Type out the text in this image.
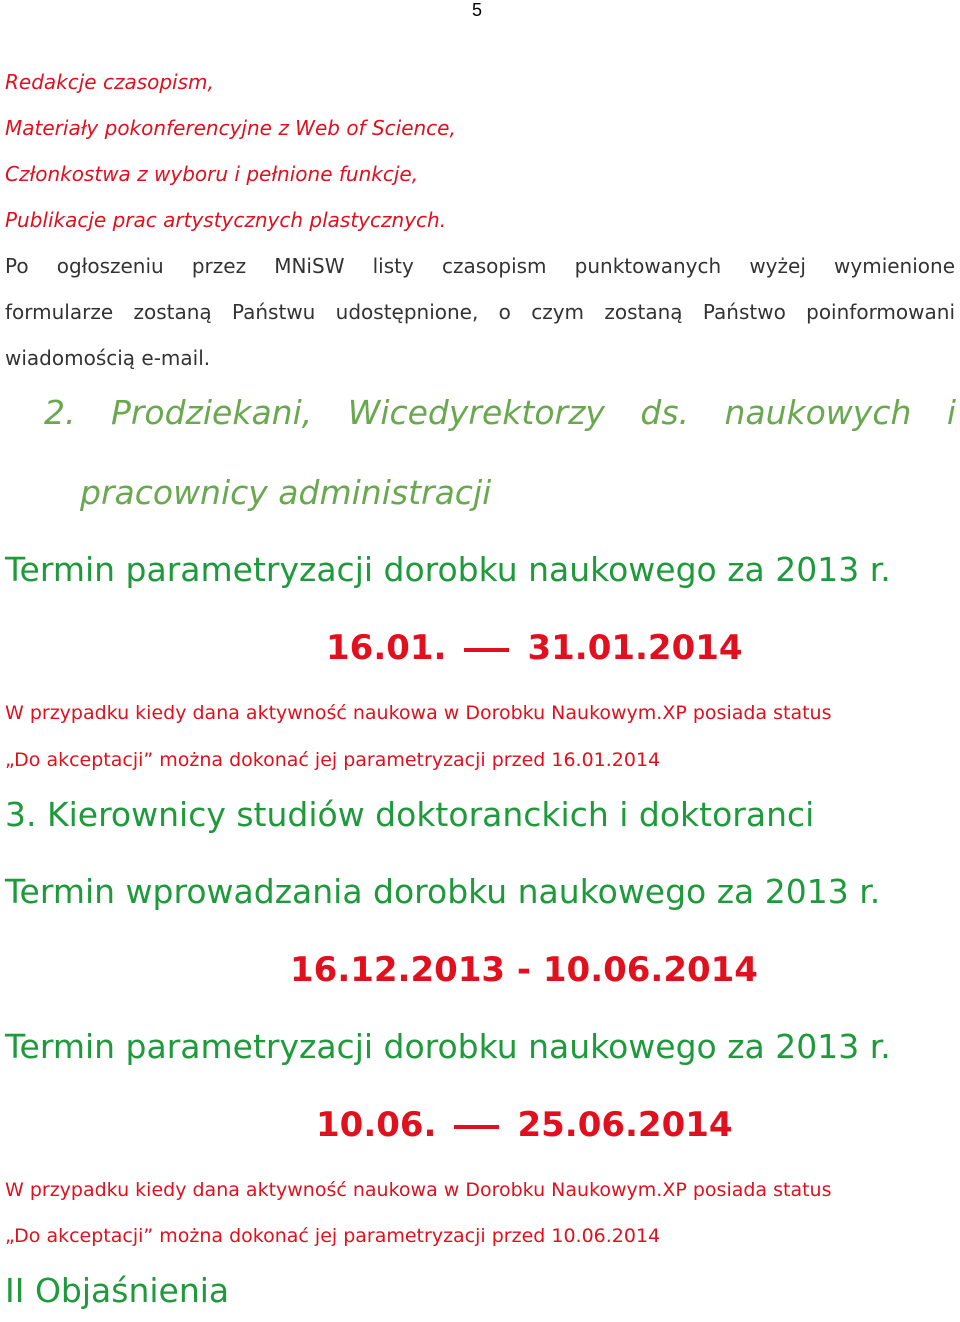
5
Redakcje czasopism,
Materiały pokonferencyjne z Web of Science,
Członkostwa z wyboru i pełnione funkcje,
Publikacje prac artystycznych plastycznych.
Po ogłoszeniu przez MNiSW listy czasopism punktowanych wyżej wymienione
formularze zostaną Państwu udostępnione, o czym zostaną Państwo poinformowani
wiadomością e-mail.
2. Prodziekani, Wicedyrektorzy ds. naukowych i
pracownicy administracji
Termin parametryzacji dorobku naukowego za 2013 r.
16.01. 31.01.2014
W przypadku kiedy dana aktywność naukowa w Dorobku Naukowym.XP posiada status
„Do akceptacji” można dokonać jej parametryzacji przed 16.01.2014
3. Kierownicy studiów doktoranckich i doktoranci
Termin wprowadzania dorobku naukowego za 2013 r.
16.12.2013 - 10.06.2014
Termin parametryzacji dorobku naukowego za 2013 r.
10.06. 25.06.2014
W przypadku kiedy dana aktywność naukowa w Dorobku Naukowym.XP posiada status
„Do akceptacji” można dokonać jej parametryzacji przed 10.06.2014
II Objaśnienia
